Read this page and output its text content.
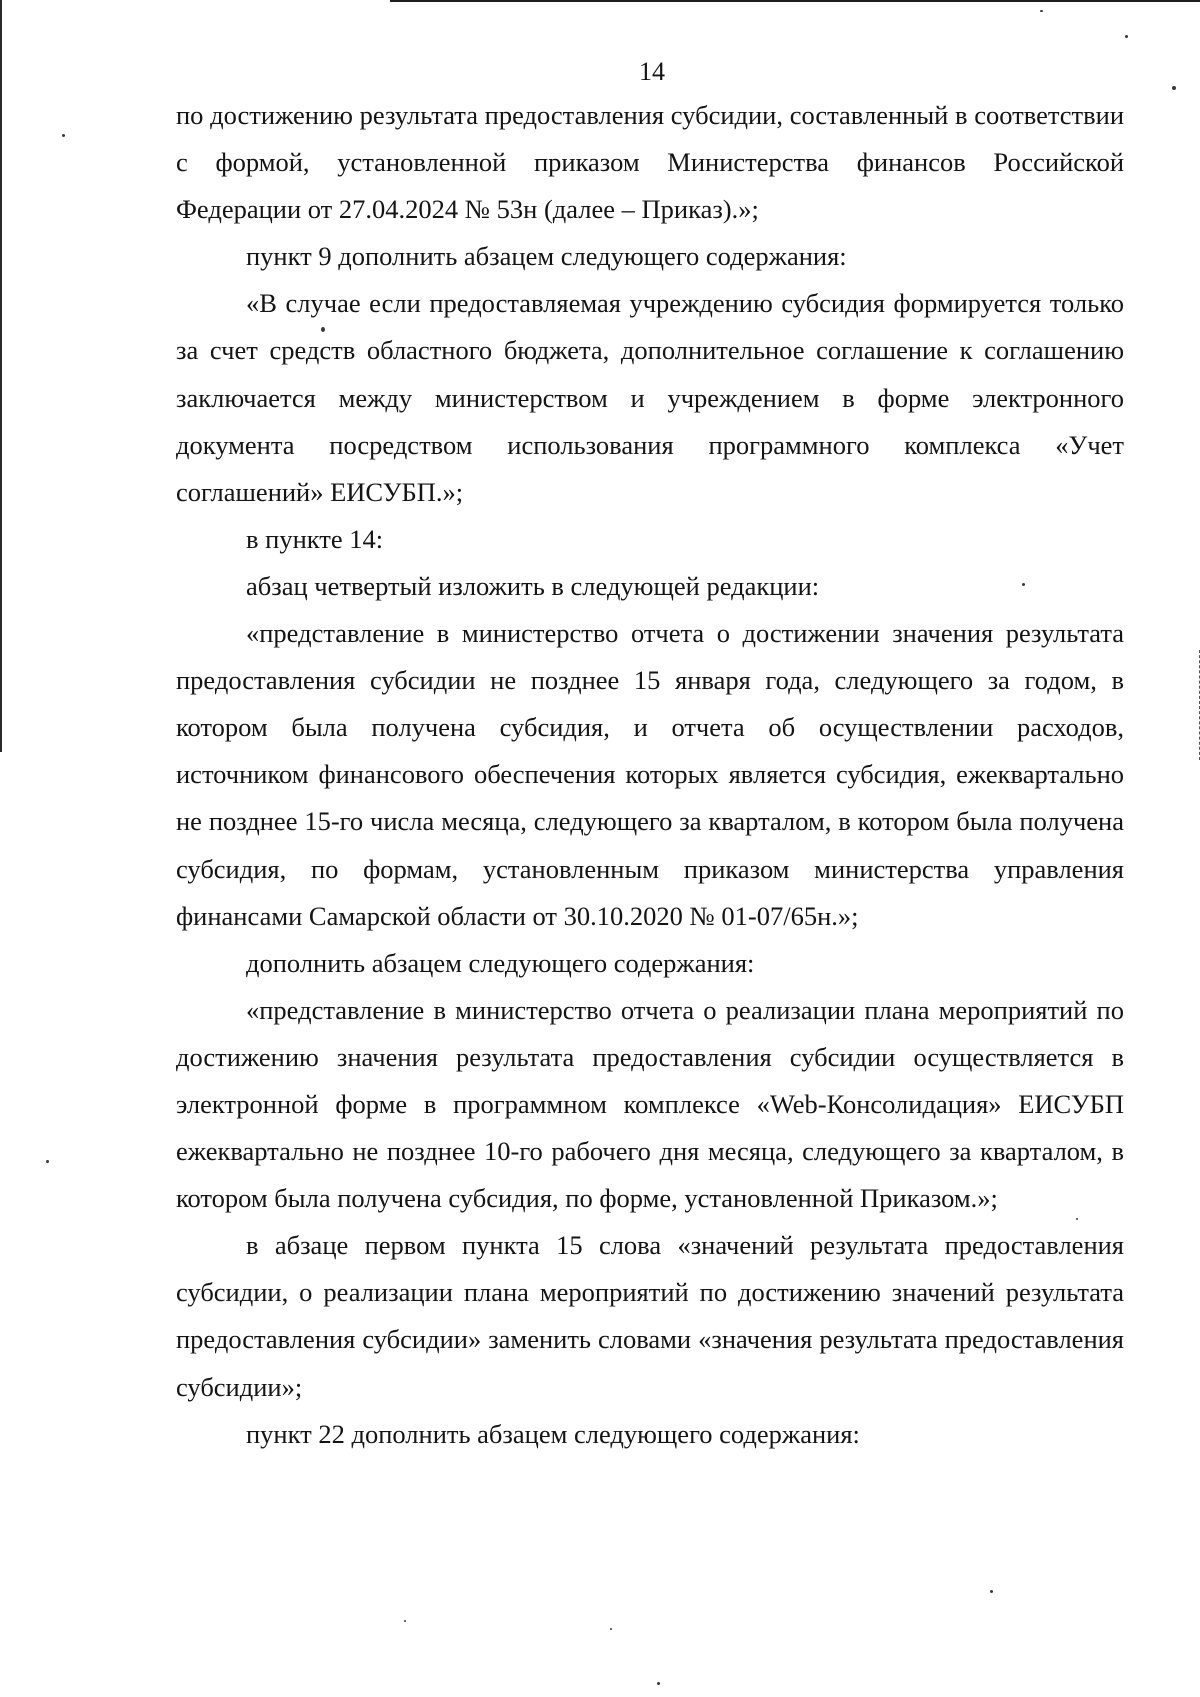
14

по достижению результата предоставления субсидии, составленный в соответствии с формой, установленной приказом Министерства финансов Российской Федерации от 27.04.2024 № 53н (далее – Приказ).»;

пункт 9 дополнить абзацем следующего содержания:

«В случае если предоставляемая учреждению субсидия формируется только за счет средств областного бюджета, дополнительное соглашение к соглашению заключается между министерством и учреждением в форме электронного документа посредством использования программного комплекса «Учет соглашений» ЕИСУБП.»;

в пункте 14:

абзац четвертый изложить в следующей редакции:

«представление в министерство отчета о достижении значения результата предоставления субсидии не позднее 15 января года, следующего за годом, в котором была получена субсидия, и отчета об осуществлении расходов, источником финансового обеспечения которых является субсидия, ежеквартально не позднее 15-го числа месяца, следующего за кварталом, в котором была получена субсидия, по формам, установленным приказом министерства управления финансами Самарской области от 30.10.2020 № 01-07/65н.»;

дополнить абзацем следующего содержания:

«представление в министерство отчета о реализации плана мероприятий по достижению значения результата предоставления субсидии осуществляется в электронной форме в программном комплексе «Web-Консолидация» ЕИСУБП ежеквартально не позднее 10-го рабочего дня месяца, следующего за кварталом, в котором была получена субсидия, по форме, установленной Приказом.»;

в абзаце первом пункта 15 слова «значений результата предоставления субсидии, о реализации плана мероприятий по достижению значений результата предоставления субсидии» заменить словами «значения результата предоставления субсидии»;

пункт 22 дополнить абзацем следующего содержания:
